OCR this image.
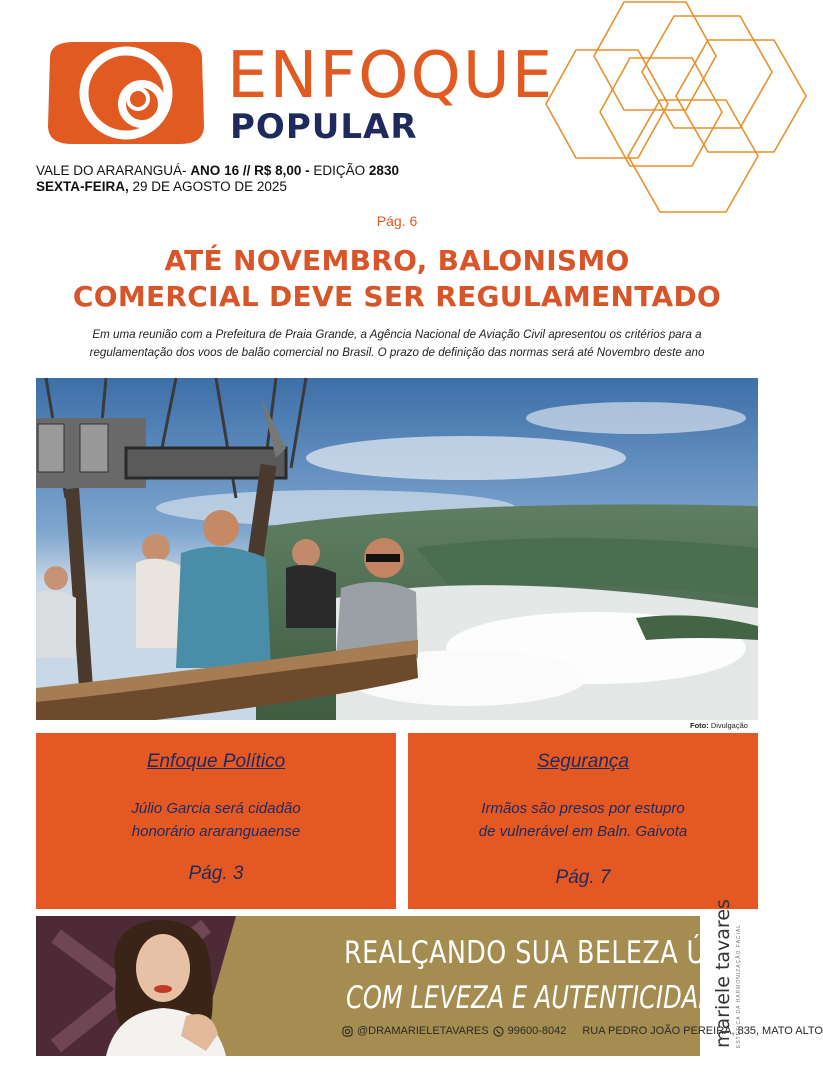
ENFOQUE
POPULAR
VALE DO ARARANGUÁ- ANO 16 // R$ 8,00 - EDIÇÃO 2830
SEXTA-FEIRA, 29 DE AGOSTO DE 2025
Pág. 6
ATÉ NOVEMBRO, BALONISMO
COMERCIAL DEVE SER REGULAMENTADO
Em uma reunião com a Prefeitura de Praia Grande, a Agência Nacional de Aviação Civil apresentou os critérios para a
regulamentação dos voos de balão comercial no Brasil. O prazo de definição das normas será até Novembro deste ano
Foto: Divulgação
Enfoque Político
Júlio Garcia será cidadão
honorário araranguaense
Pág. 3
Segurança
Irmãos são presos por estupro
de vulnerável em Baln. Gaivota
Pág. 7
REALÇANDO SUA BELEZA ÚNICA,
COM LEVEZA E AUTENTICIDADE
@DRAMARIELETAVARES 99600-8042 RUA PEDRO JOÃO PEREIRA, 835, MATO ALTO
mariele tavares ESTÉTICA DA HARMONIZAÇÃO FACIAL
